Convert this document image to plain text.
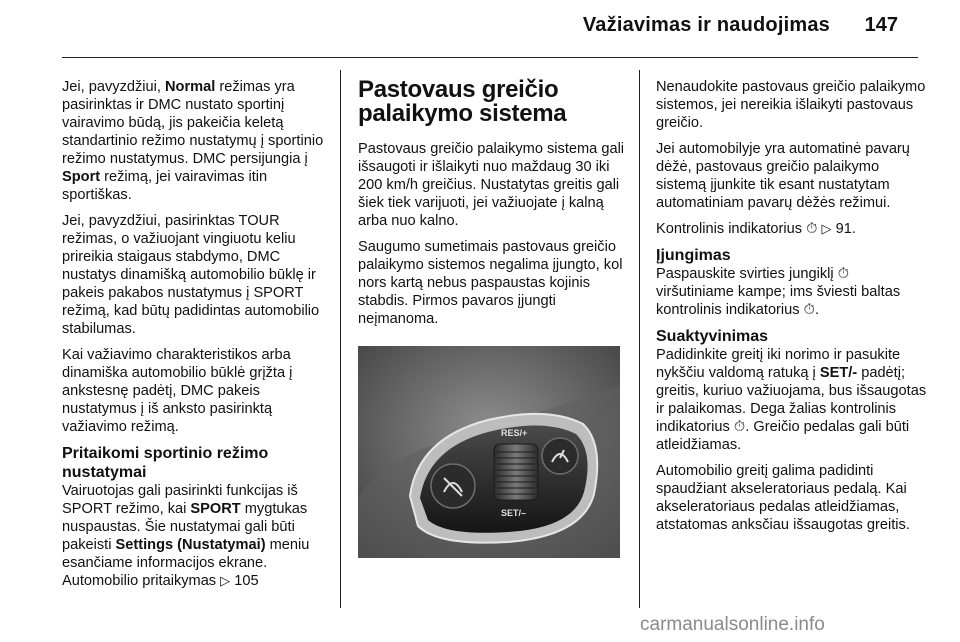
Važiavimas ir naudojimas 147

Jei, pavyzdžiui, Normal režimas yra pasirinktas ir DMC nustato sportinį vairavimo būdą, jis pakeičia keletą standartinio režimo nustatymų į sportinio režimo nustatymus. DMC persijungia į Sport režimą, jei vairavimas itin sportiškas.

Jei, pavyzdžiui, pasirinktas TOUR režimas, o važiuojant vingiuotu keliu prireikia staigaus stabdymo, DMC nustatys dinamišką automobilio būklę ir pakeis pakabos nustatymus į SPORT režimą, kad būtų padidintas automobilio stabilumas.

Kai važiavimo charakteristikos arba dinamiška automobilio būklė grįžta į ankstesnę padėtį, DMC pakeis nustatymus į iš anksto pasirinktą važiavimo režimą.

Pritaikomi sportinio režimo nustatymai

Vairuotojas gali pasirinkti funkcijas iš SPORT režimo, kai SPORT mygtukas nuspaustas. Šie nustatymai gali būti pakeisti Settings (Nustatymai) meniu esančiame informacijos ekrane. Automobilio pritaikymas ▷ 105

Pastovaus greičio palaikymo sistema

Pastovaus greičio palaikymo sistema gali išsaugoti ir išlaikyti nuo maždaug 30 iki 200 km/h greičius. Nustatytas greitis gali šiek tiek varijuoti, jei važiuojate į kalną arba nuo kalno.

Saugumo sumetimais pastovaus greičio palaikymo sistemos negalima įjungto, kol nors kartą nebus paspaustas kojinis stabdis. Pirmos pavaros įjungti neįmanoma.

RES/+
SET/–

Nenaudokite pastovaus greičio palaikymo sistemos, jei nereikia išlaikyti pastovaus greičio.

Jei automobilyje yra automatinė pavarų dėžė, pastovaus greičio palaikymo sistemą įjunkite tik esant nustatytam automatiniam pavarų dėžės režimui.

Kontrolinis indikatorius ⏱ ▷ 91.

Įjungimas

Paspauskite svirties jungiklį ⏱ viršutiniame kampe; ims šviesti baltas kontrolinis indikatorius ⏱.

Suaktyvinimas

Padidinkite greitį iki norimo ir pasukite nykščiu valdomą ratuką į SET/- padėtį; greitis, kuriuo važiuojama, bus išsaugotas ir palaikomas. Dega žalias kontrolinis indikatorius ⏱. Greičio pedalas gali būti atleidžiamas.

Automobilio greitį galima padidinti spaudžiant akseleratoriaus pedalą. Kai akseleratoriaus pedalas atleidžiamas, atstatomas anksčiau išsaugotas greitis.

carmanualsonline.info
